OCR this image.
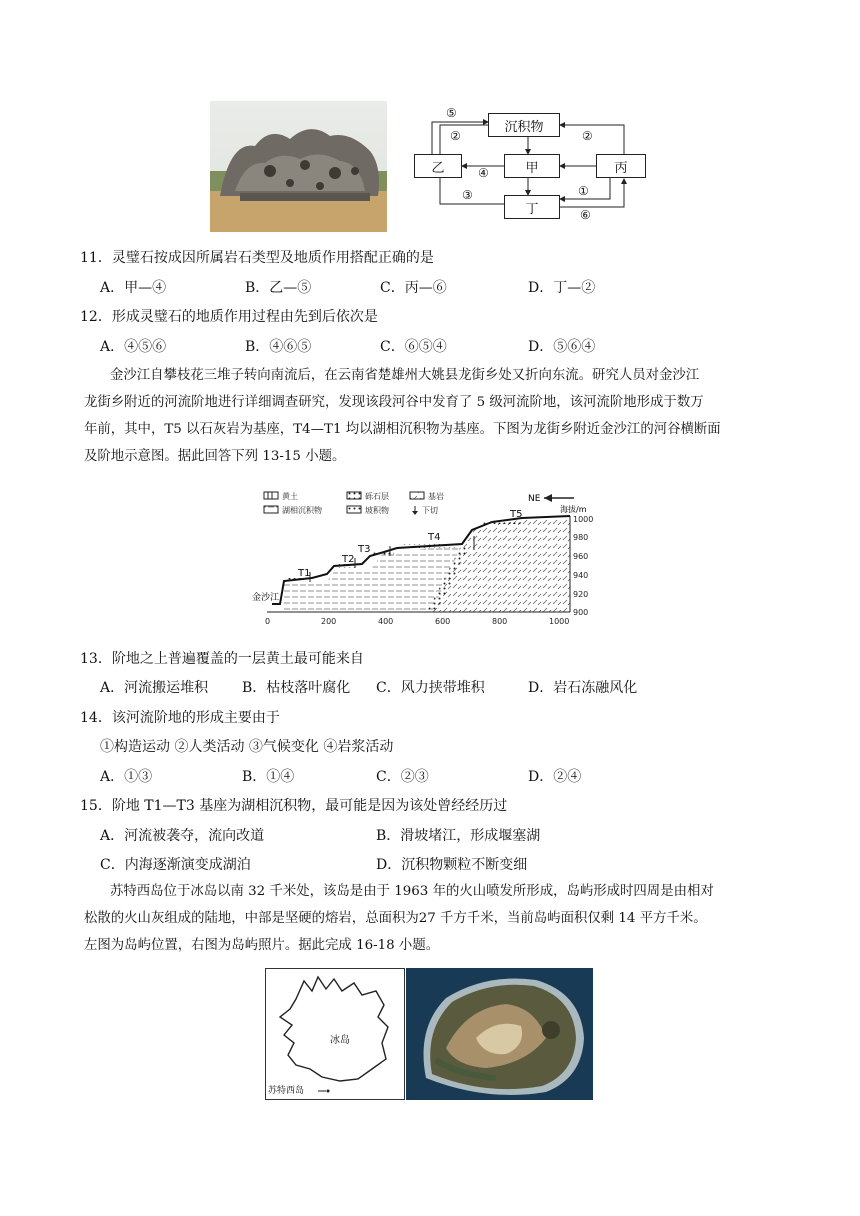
沉积物
乙	甲	丙
丁
⑤
②	②
④
③	①
⑥
11．灵璧石按成因所属岩石类型及地质作用搭配正确的是
A．甲—④	B．乙—⑤	C．丙—⑥	D．丁—②
12．形成灵璧石的地质作用过程由先到后依次是
A．④⑤⑥	B．④⑥⑤	C．⑥⑤④	D．⑤⑥④
金沙江自攀枝花三堆子转向南流后，在云南省楚雄州大姚县龙街乡处又折向东流。研究人员对金沙江
龙街乡附近的河流阶地进行详细调查研究，发现该段河谷中发育了 5 级河流阶地，该河流阶地形成于数万
年前，其中，T5 以石灰岩为基座，T4—T1 均以湖相沉积物为基座。下图为龙街乡附近金沙江的河谷横断面
及阶地示意图。据此回答下列 13-15 小题。
黄土
湖相沉积物
砾石层
坡积物
基岩
下切
NE
海拔/m
T1
T2
T3
T4
T5
金沙江
1000
980
960
940
920
900
0	200	400	600	800	1000
13．阶地之上普遍覆盖的一层黄土最可能来自
A．河流搬运堆积 B．枯枝落叶腐化 C．风力挟带堆积	D．岩石冻融风化
14．该河流阶地的形成主要由于
①构造运动 ②人类活动 ③气候变化 ④岩浆活动
A．①③	B．①④	C．②③	D．②④
15．阶地 T1—T3 基座为湖相沉积物，最可能是因为该处曾经经历过
A．河流被袭夺，流向改道	B．滑坡堵江，形成堰塞湖
C．内海逐渐演变成湖泊	D．沉积物颗粒不断变细
苏特西岛位于冰岛以南 32 千米处，该岛是由于 1963 年的火山喷发所形成，岛屿形成时四周是由相对
松散的火山灰组成的陆地，中部是坚硬的熔岩，总面积为27 千方千米，当前岛屿面积仅剩 14 平方千米。
左图为岛屿位置，右图为岛屿照片。据此完成 16-18 小题。
冰岛
苏特西岛
